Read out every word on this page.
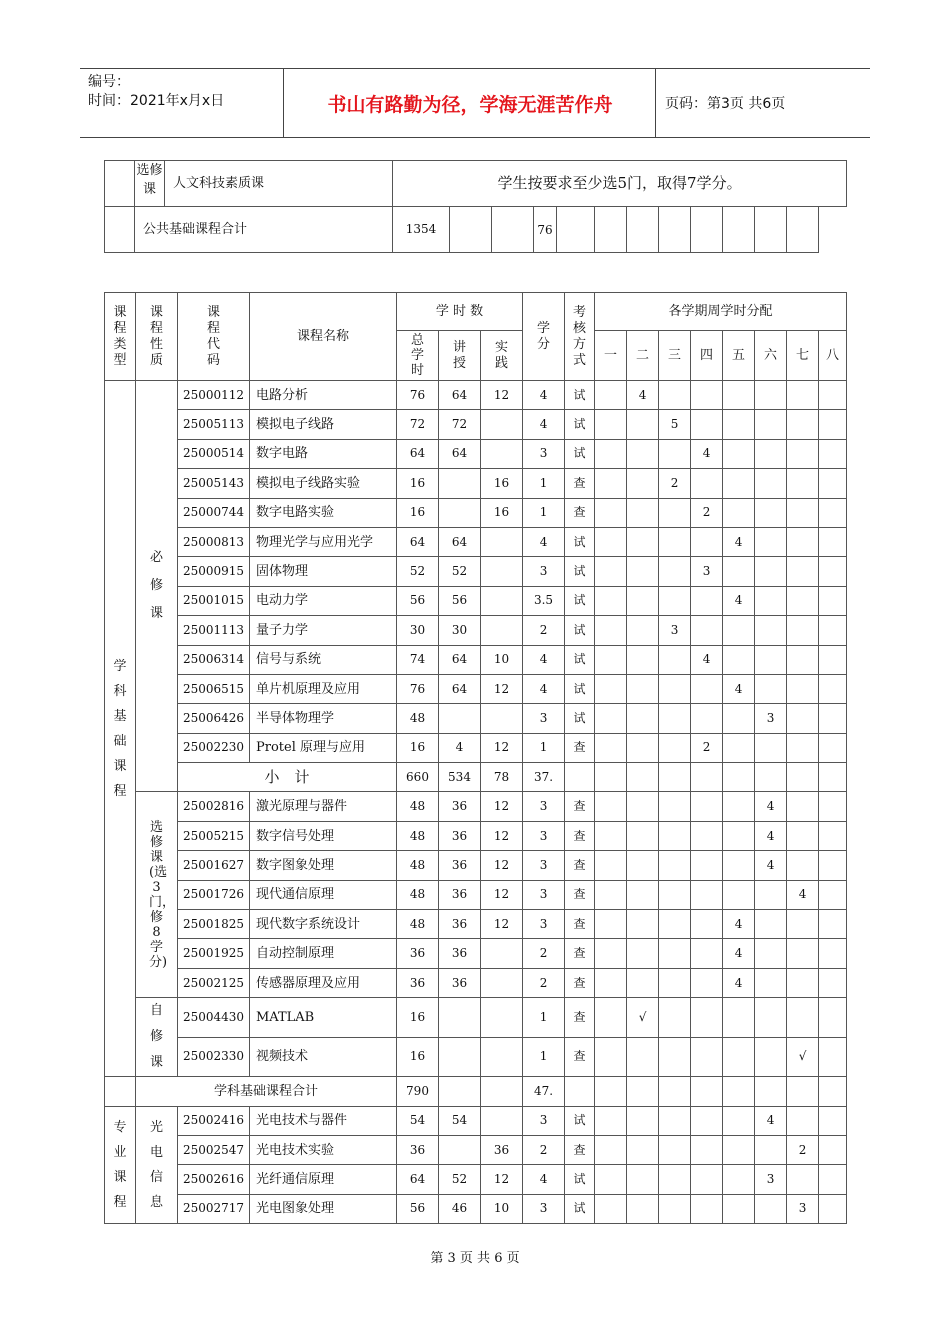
编号：
时间：2021年x月x日	书山有路勤为径，学海无涯苦作舟	页码：第3页 共6页
	选修课	人文科技素质课	学生按要求至少选5门，取得7学分。											
	公共基础课程合计		1354			76								
课程类型	课程性质	课程代码	课程名称	学 时 数			学分	考核方式	各学期周学时分配							
				总学时	讲授	实践			一	二	三	四	五	六	七	八
学科基础课程	必修课	25000112	电路分析	76	64	12	4	试		4						
		25005113	模拟电子线路	72	72		4	试			5					
		25000514	数字电路	64	64		3	试				4				
		25005143	模拟电子线路实验	16		16	1	查			2					
		25000744	数字电路实验	16		16	1	查				2				
		25000813	物理光学与应用光学	64	64		4	试					4			
		25000915	固体物理	52	52		3	试				3				
		25001015	电动力学	56	56		3.5	试					4			
		25001113	量子力学	30	30		2	试			3					
		25006314	信号与系统	74	64	10	4	试				4				
		25006515	单片机原理及应用	76	64	12	4	试					4			
		25006426	半导体物理学	48			3	试						3		
		25002230	Protel 原理与应用	16	4	12	1	查				2				
		小　计		660	534	78	37.									
	选修课(选3门，修8学分)	25002816	激光原理与器件	48	36	12	3	查						4		
		25005215	数字信号处理	48	36	12	3	查						4		
		25001627	数字图象处理	48	36	12	3	查						4		
		25001726	现代通信原理	48	36	12	3	查							4	
		25001825	现代数字系统设计	48	36	12	3	查					4			
		25001925	自动控制原理	36	36		2	查					4			
		25002125	传感器原理及应用	36	36		2	查					4			
	自修课	25004430	MATLAB	16			1	查		√						
		25002330	视频技术	16			1	查							√	
	学科基础课程合计			790			47.									
专业课程	光电信息	25002416	光电技术与器件	54	54		3	试						4		
		25002547	光电技术实验	36		36	2	查							2	
		25002616	光纤通信原理	64	52	12	4	试						3		
		25002717	光电图象处理	56	46	10	3	试							3	
第 3 页 共 6 页
